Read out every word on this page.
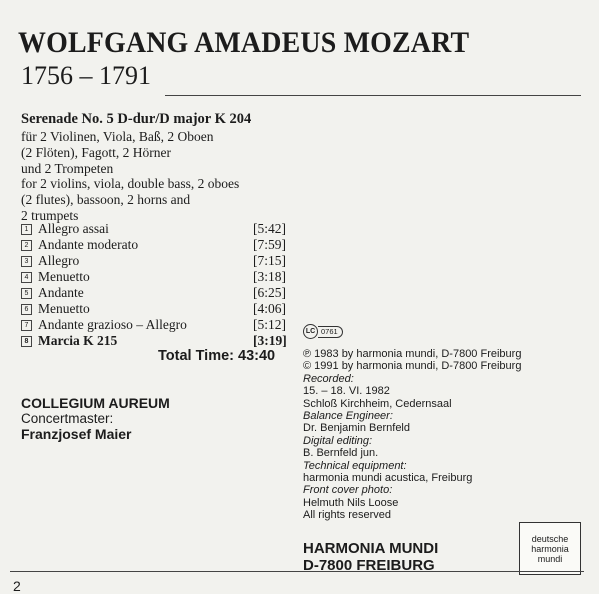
WOLFGANG AMADEUS MOZART
1756 – 1791
Serenade No. 5 D-dur/D major K 204
für 2 Violinen, Viola, Baß, 2 Oboen
(2 Flöten), Fagott, 2 Hörner
und 2 Trompeten
for 2 violins, viola, double bass, 2 oboes
(2 flutes), bassoon, 2 horns and
2 trumpets
1 Allegro assai	[5:42]
2 Andante moderato	[7:59]
3 Allegro	[7:15]
4 Menuetto	[3:18]
5 Andante	[6:25]
6 Menuetto	[4:06]
7 Andante grazioso – Allegro	[5:12]
8 Marcia K 215	[3:19]
Total Time: 43:40
COLLEGIUM AUREUM
Concertmaster:
Franzjosef Maier
LC 0761
℗ 1983 by harmonia mundi, D-7800 Freiburg
© 1991 by harmonia mundi, D-7800 Freiburg
Recorded:
15. – 18. VI. 1982
Schloß Kirchheim, Cedernsaal
Balance Engineer:
Dr. Benjamin Bernfeld
Digital editing:
B. Bernfeld jun.
Technical equipment:
harmonia mundi acustica, Freiburg
Front cover photo:
Helmuth Nils Loose
All rights reserved
HARMONIA MUNDI
D-7800 FREIBURG
deutsche
harmonia
mundi
2
